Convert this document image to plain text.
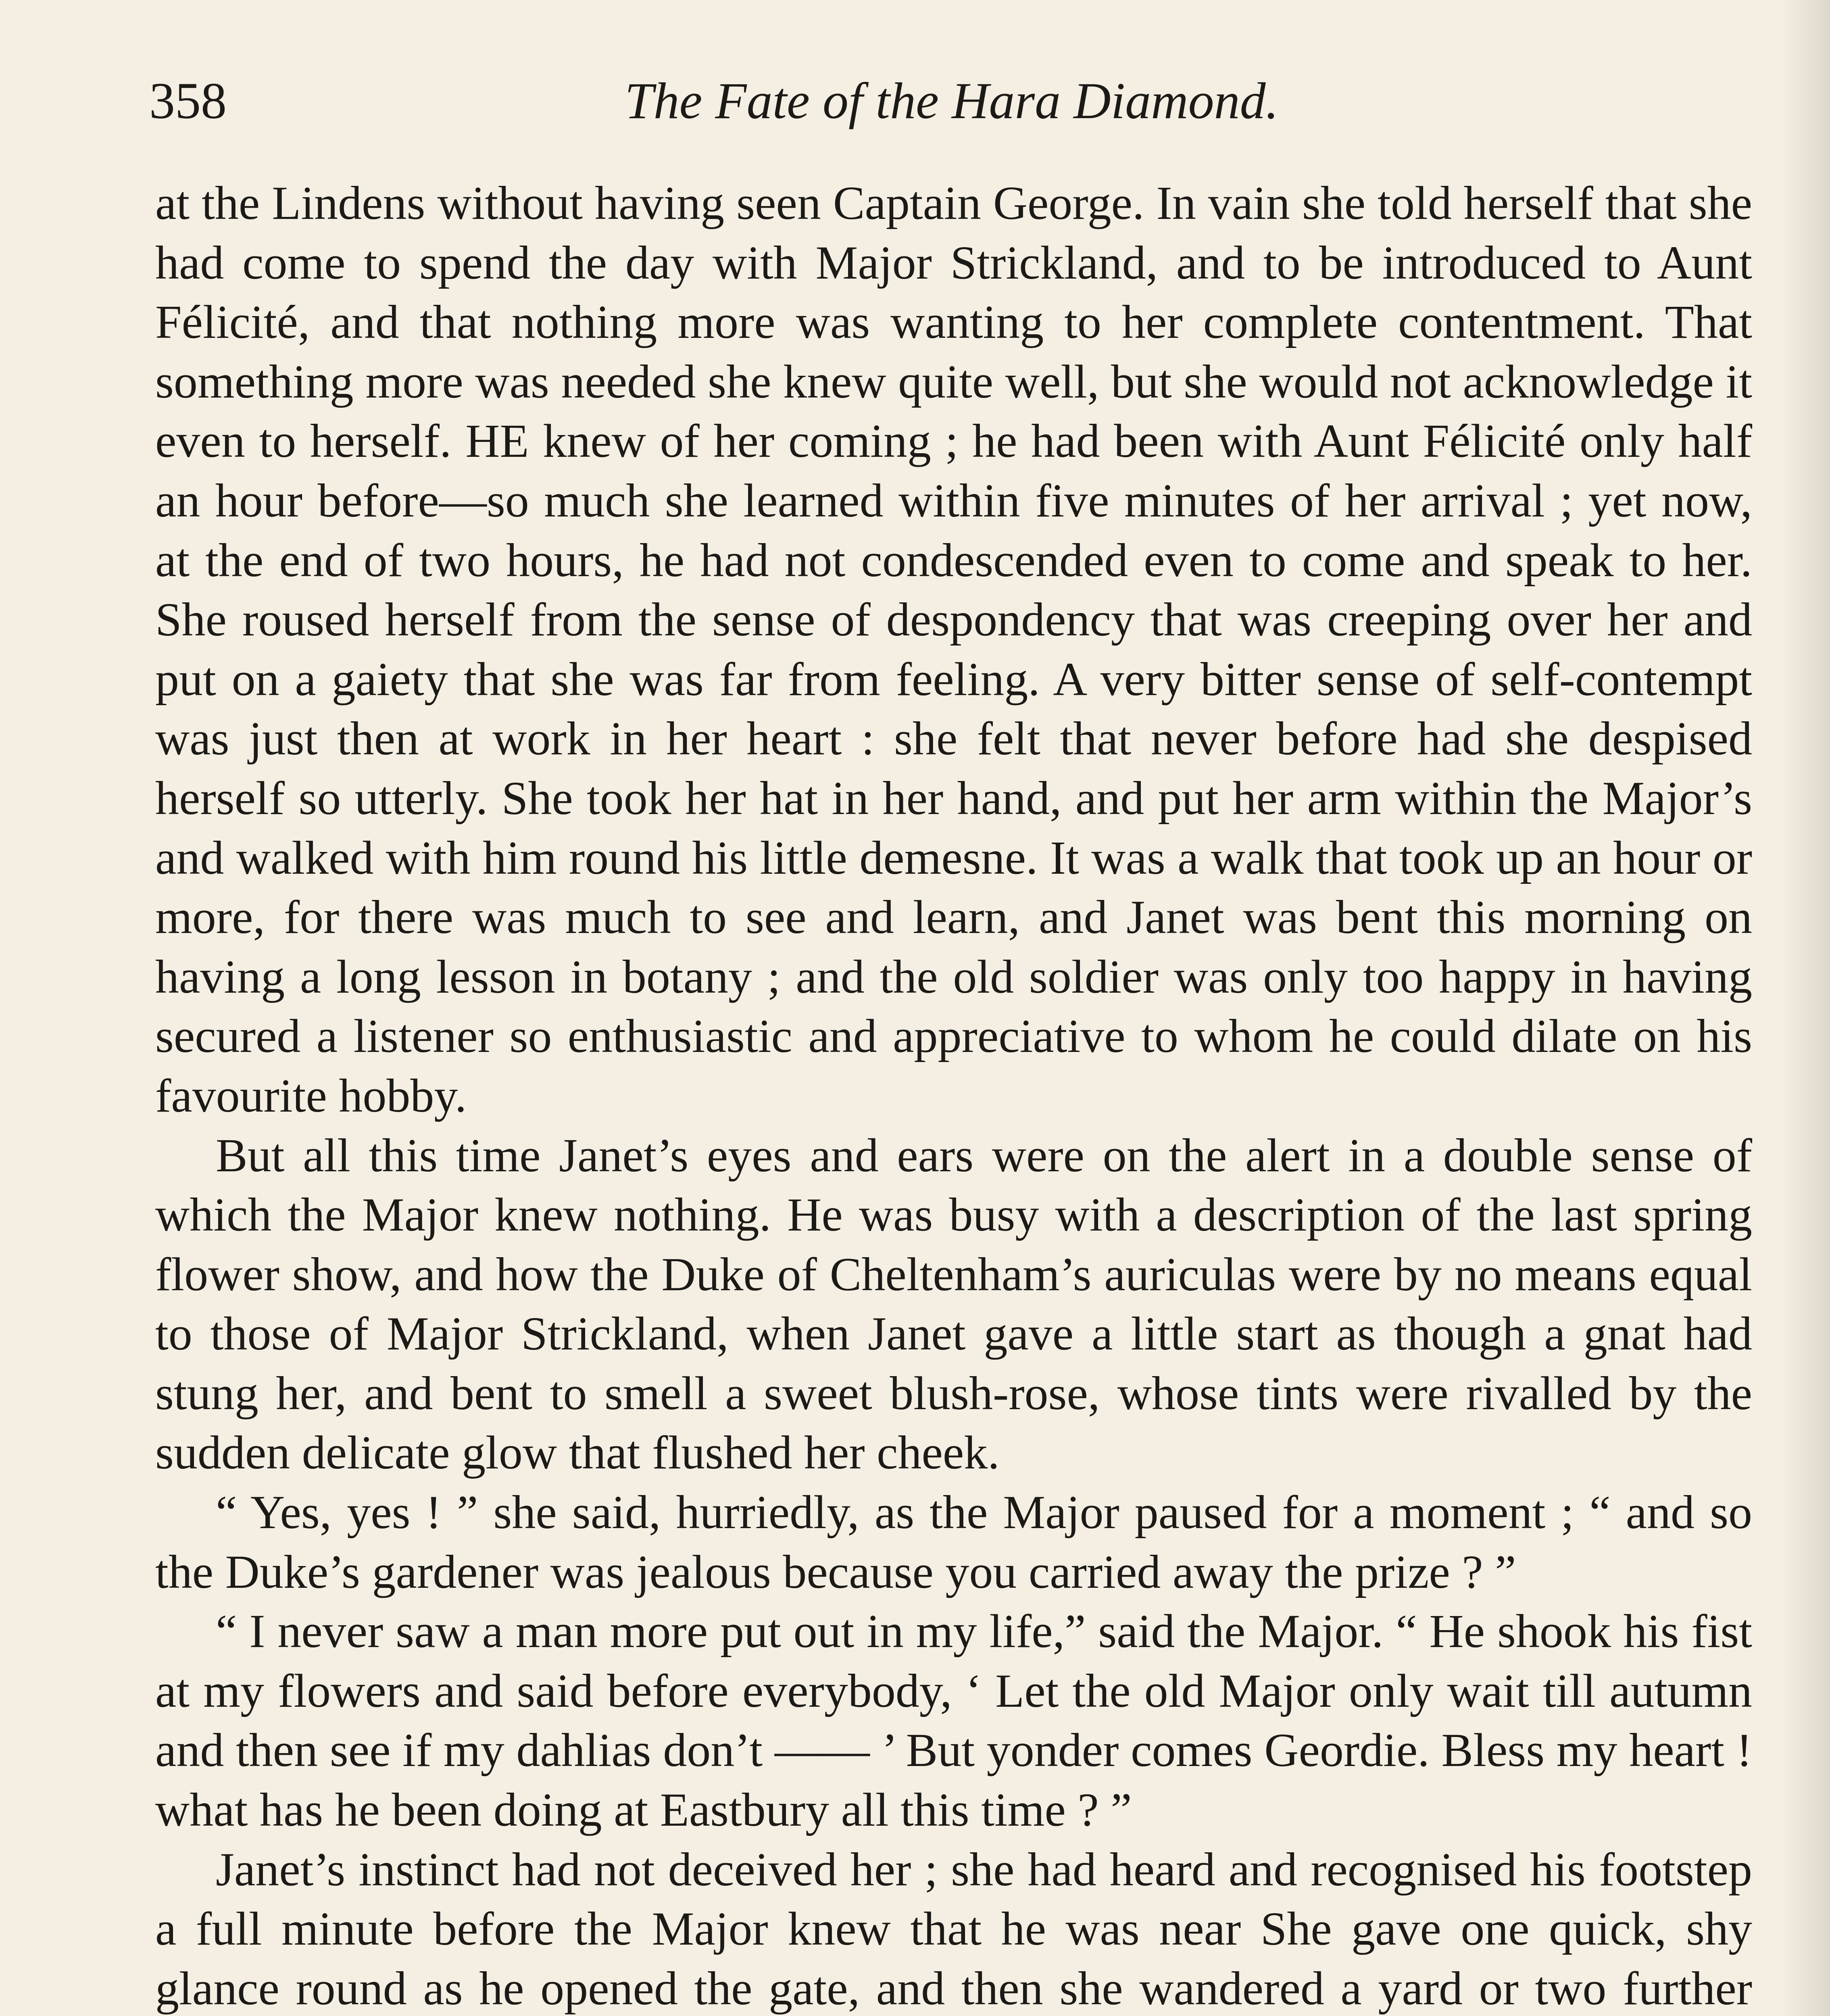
358	The Fate of the Hara Diamond.

at the Lindens without having seen Captain George. In vain she told herself that she had come to spend the day with Major Strickland, and to be introduced to Aunt Félicité, and that nothing more was wanting to her complete contentment. That something more was needed she knew quite well, but she would not acknowledge it even to herself. HE knew of her coming ; he had been with Aunt Félicité only half an hour before—so much she learned within five minutes of her arrival ; yet now, at the end of two hours, he had not condescended even to come and speak to her. She roused herself from the sense of despondency that was creeping over her and put on a gaiety that she was far from feeling. A very bitter sense of self-contempt was just then at work in her heart : she felt that never before had she despised herself so utterly. She took her hat in her hand, and put her arm within the Major’s and walked with him round his little demesne. It was a walk that took up an hour or more, for there was much to see and learn, and Janet was bent this morning on having a long lesson in botany ; and the old soldier was only too happy in having secured a listener so enthusiastic and appreciative to whom he could dilate on his favourite hobby.

But all this time Janet’s eyes and ears were on the alert in a double sense of which the Major knew nothing. He was busy with a description of the last spring flower show, and how the Duke of Cheltenham’s auriculas were by no means equal to those of Major Strickland, when Janet gave a little start as though a gnat had stung her, and bent to smell a sweet blush-rose, whose tints were rivalled by the sudden delicate glow that flushed her cheek.

“ Yes, yes ! ” she said, hurriedly, as the Major paused for a moment ; “ and so the Duke’s gardener was jealous because you carried away the prize ? ”

“ I never saw a man more put out in my life,” said the Major. “ He shook his fist at my flowers and said before everybody, ‘ Let the old Major only wait till autumn and then see if my dahlias don’t —— ’ But yonder comes Geordie. Bless my heart ! what has he been doing at Eastbury all this time ? ”

Janet’s instinct had not deceived her ; she had heard and recognised his footstep a full minute before the Major knew that he was near She gave one quick, shy glance round as he opened the gate, and then she wandered a yard or two further
